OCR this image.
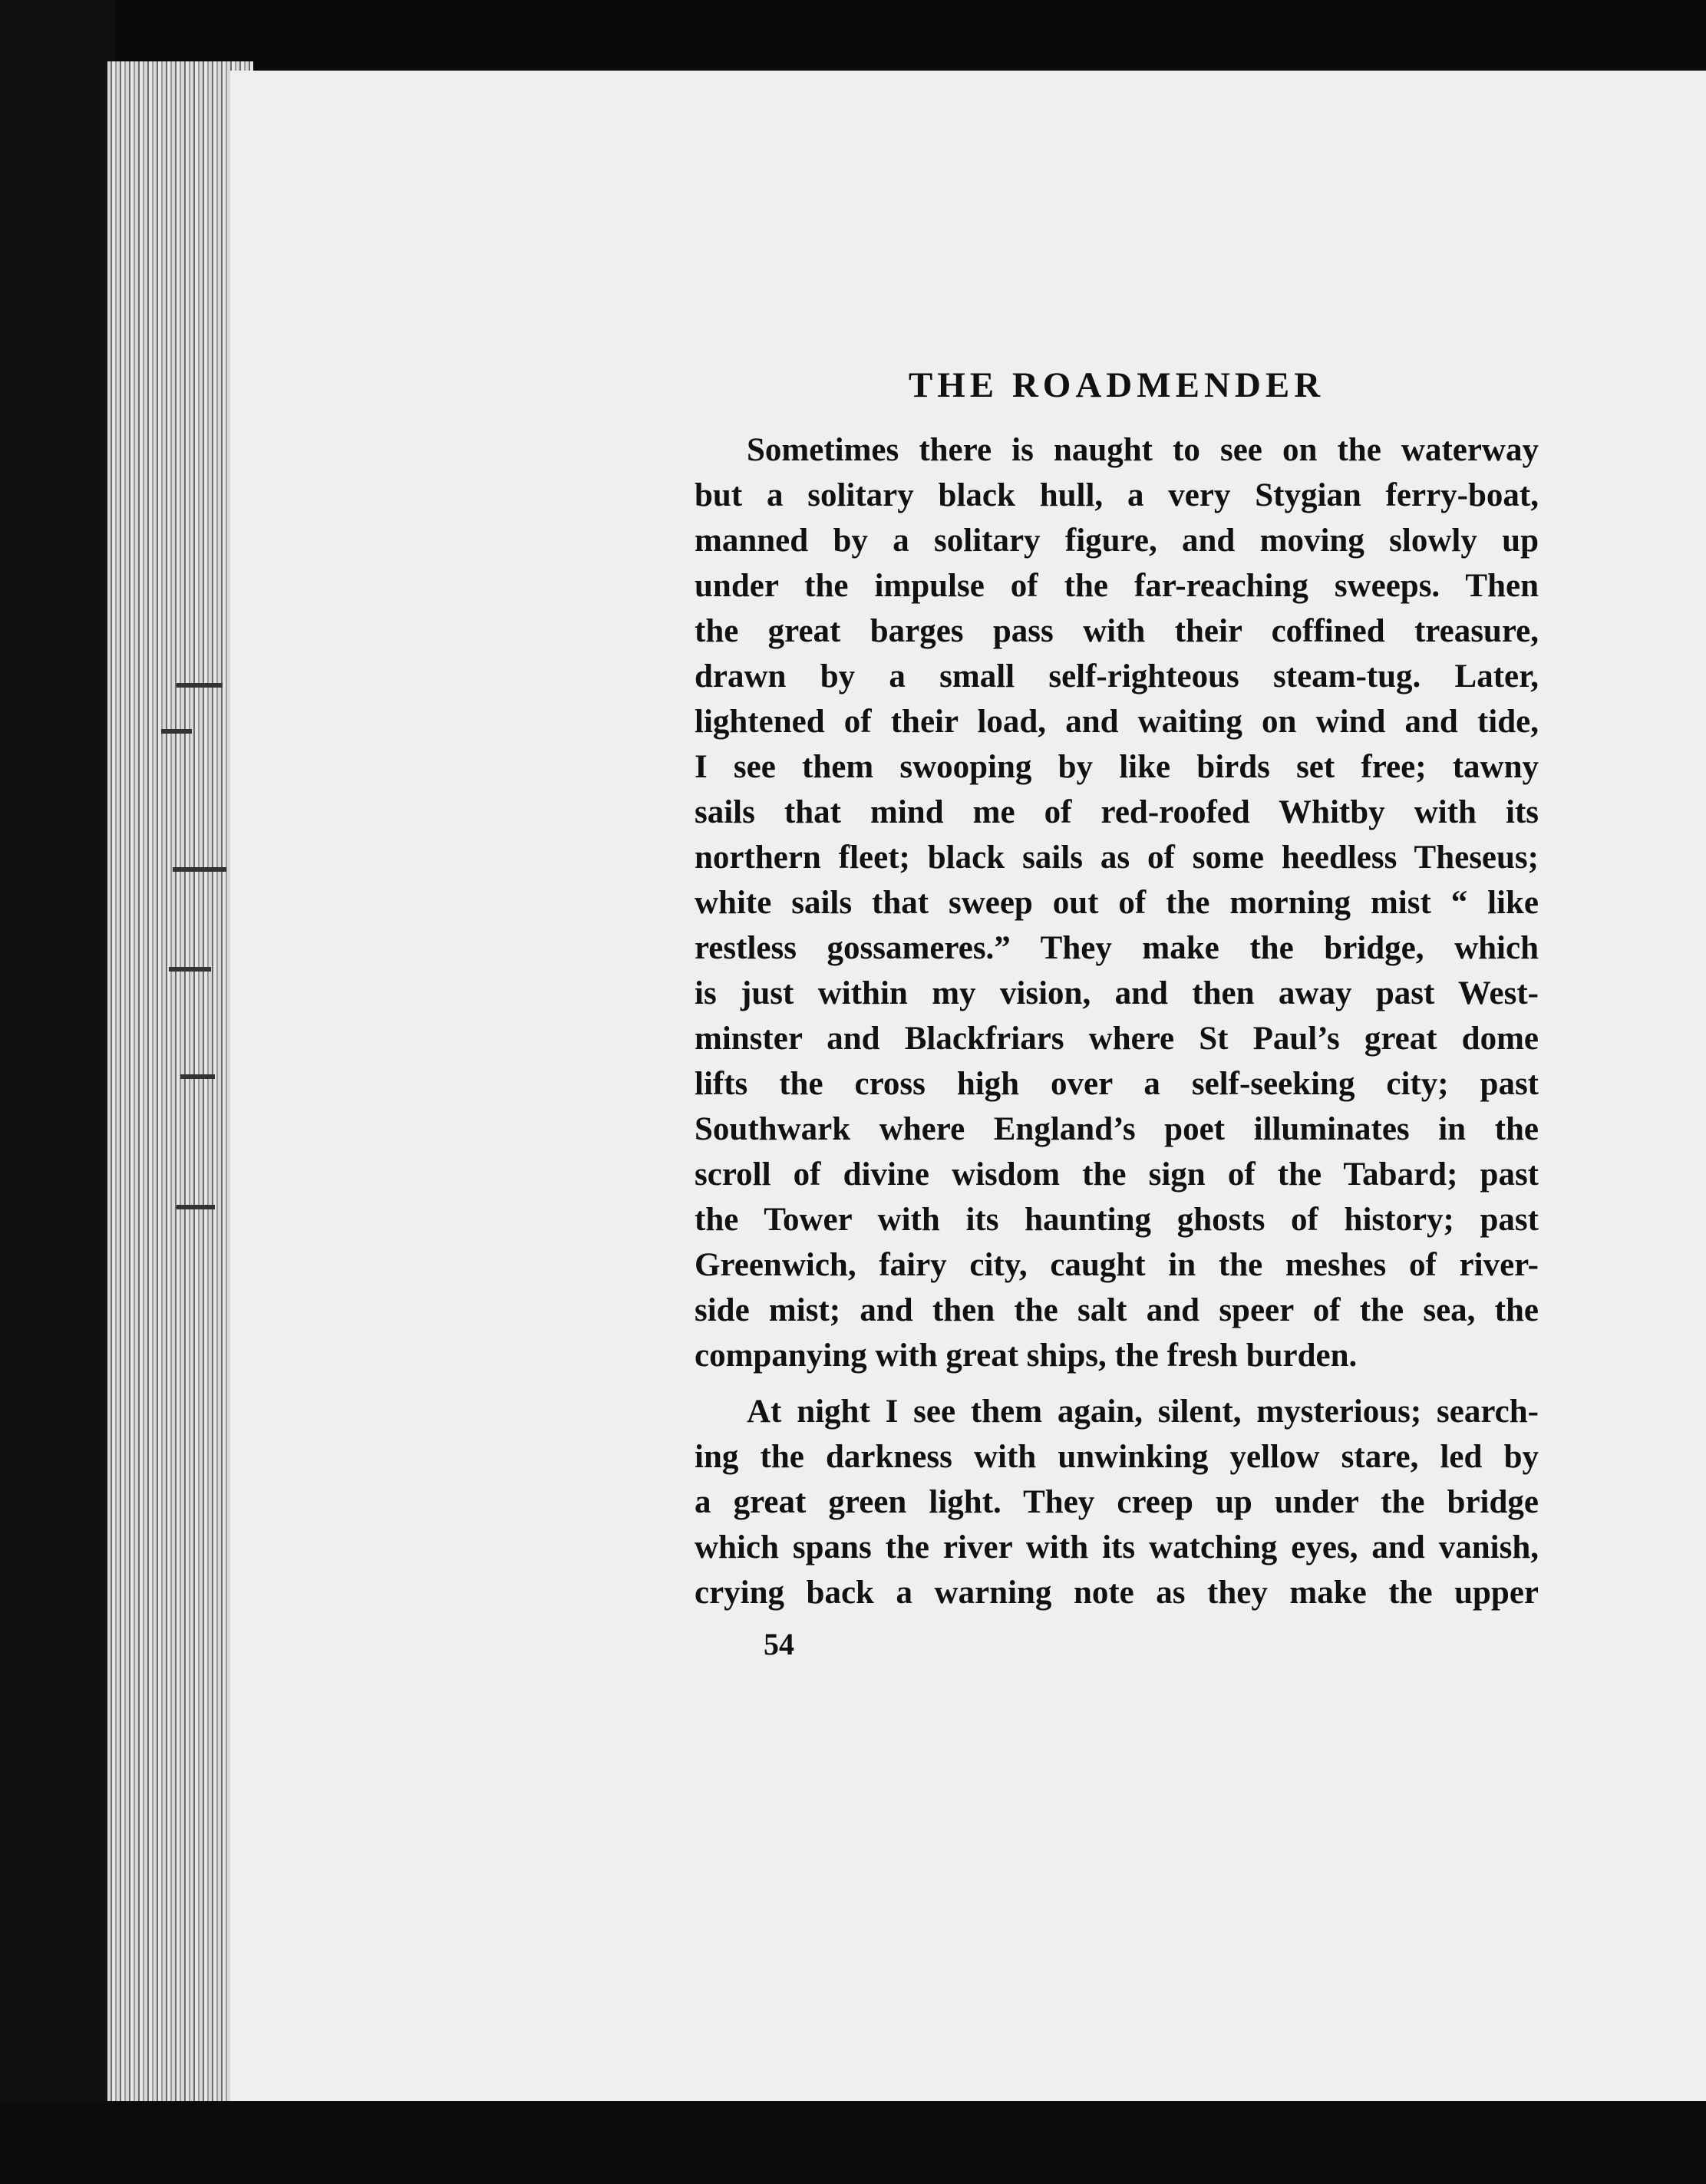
THE ROADMENDER
Sometimes there is naught to see on the waterway
but a solitary black hull, a very Stygian ferry-boat,
manned by a solitary figure, and moving slowly up
under the impulse of the far-reaching sweeps. Then
the great barges pass with their coffined treasure,
drawn by a small self-righteous steam-tug. Later,
lightened of their load, and waiting on wind and tide,
I see them swooping by like birds set free; tawny
sails that mind me of red-roofed Whitby with its
northern fleet; black sails as of some heedless Theseus;
white sails that sweep out of the morning mist “ like
restless gossameres.” They make the bridge, which
is just within my vision, and then away past West-
minster and Blackfriars where St Paul’s great dome
lifts the cross high over a self-seeking city; past
Southwark where England’s poet illuminates in the
scroll of divine wisdom the sign of the Tabard; past
the Tower with its haunting ghosts of history; past
Greenwich, fairy city, caught in the meshes of river-
side mist; and then the salt and speer of the sea, the
companying with great ships, the fresh burden.
At night I see them again, silent, mysterious; search-
ing the darkness with unwinking yellow stare, led by
a great green light. They creep up under the bridge
which spans the river with its watching eyes, and vanish,
crying back a warning note as they make the upper
54
